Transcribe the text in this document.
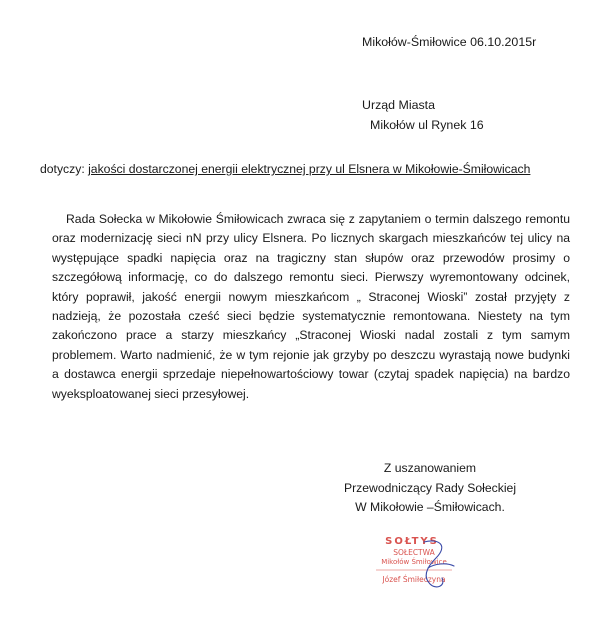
Mikołów-Śmiłowice 06.10.2015r
Urząd Miasta
Mikołów ul Rynek 16
dotyczy: jakości dostarczonej energii elektrycznej przy ul Elsnera w Mikołowie-Śmiłowicach
Rada Sołecka w Mikołowie Śmiłowicach zwraca się z zapytaniem o termin dalszego remontu oraz modernizację sieci nN przy ulicy Elsnera. Po licznych skargach mieszkańców tej ulicy na występujące spadki napięcia oraz na tragiczny stan słupów oraz przewodów prosimy o szczegółową informację, co do dalszego remontu sieci. Pierwszy wyremontowany odcinek, który poprawił, jakość energii nowym mieszkańcom „ Straconej Wioski” został przyjęty z nadzieją, że pozostała cześć sieci będzie systematycznie remontowana. Niestety na tym zakończono prace a starzy mieszkańcy „Straconej Wioski nadal zostali z tym samym problemem. Warto nadmienić, że w tym rejonie jak grzyby po deszczu wyrastają nowe budynki a dostawca energii sprzedaje niepełnowartościowy towar (czytaj spadek napięcia) na bardzo wyeksploatowanej sieci przesyłowej.
Z uszanowaniem
Przewodniczący Rady Sołeckiej
W Mikołowie –Śmiłowicach.
SOŁTYS
SOŁECTWA
Mikołów Śmiłowice
Józef Śmiłeczyna
